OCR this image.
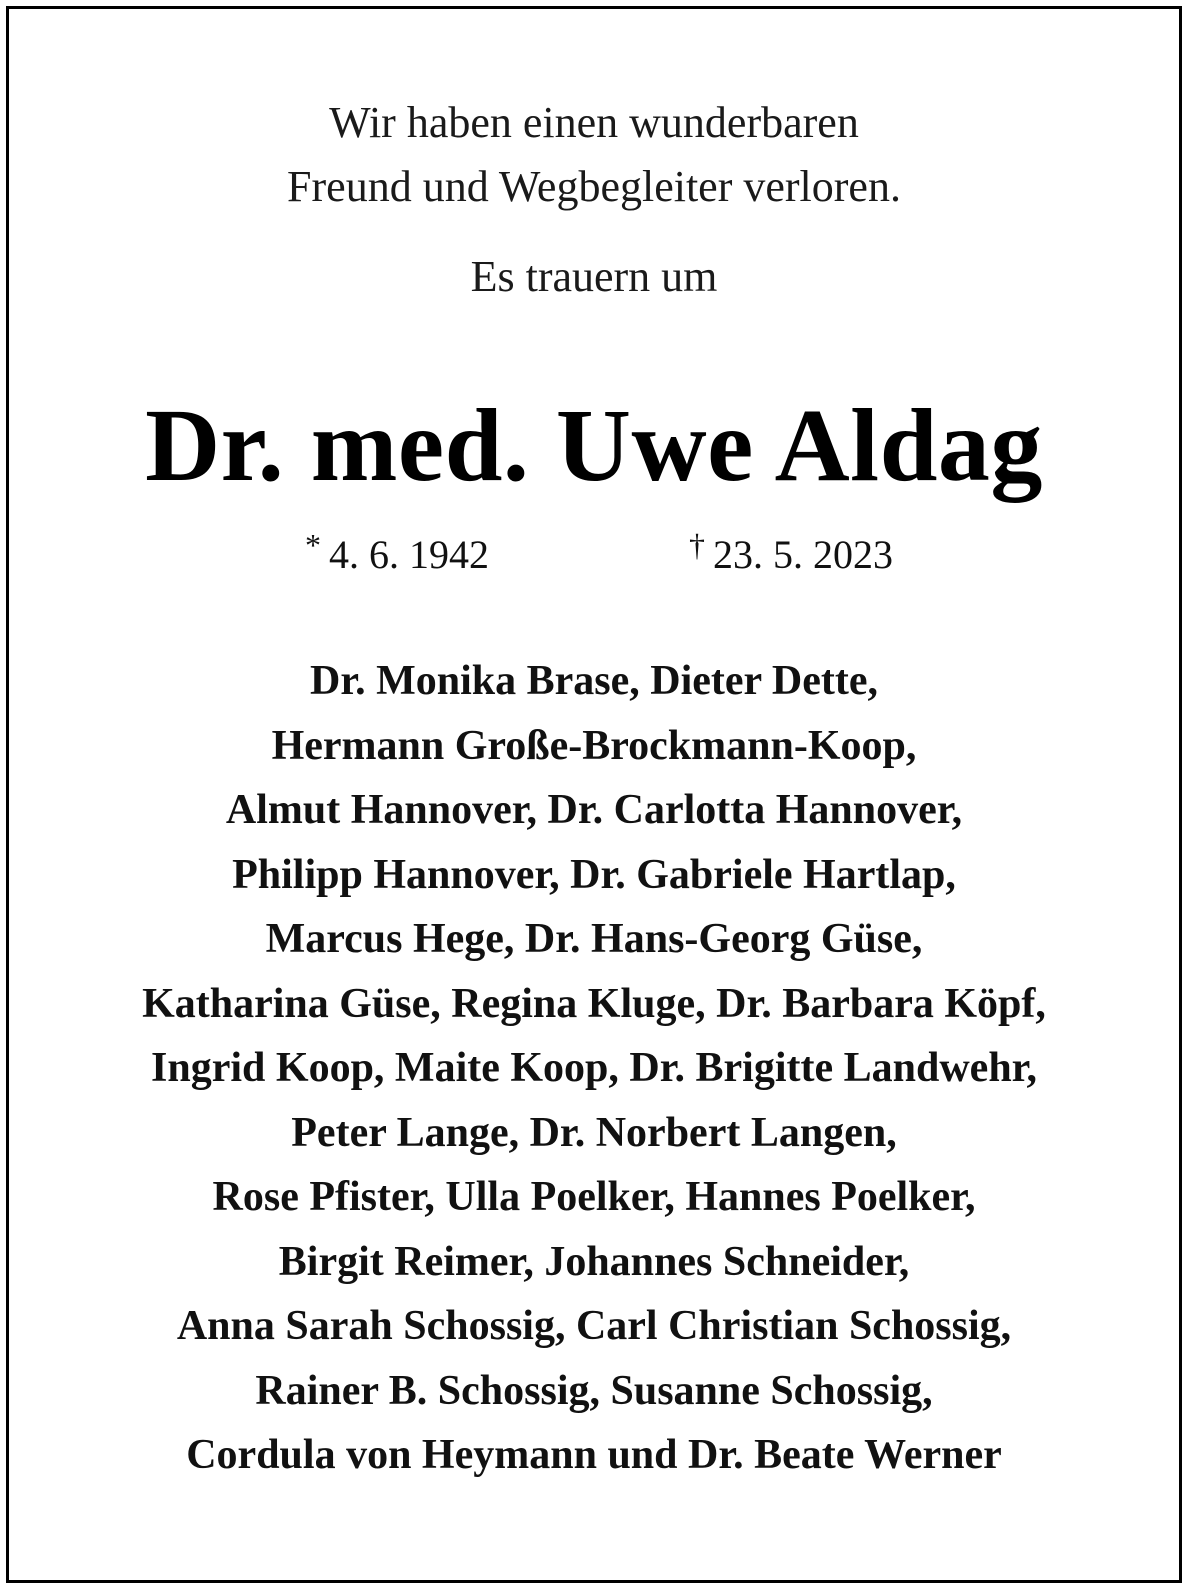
Wir haben einen wunderbaren
Freund und Wegbegleiter verloren.
Es trauern um
Dr. med. Uwe Aldag
* 4. 6. 1942	† 23. 5. 2023
Dr. Monika Brase, Dieter Dette,
Hermann Große-Brockmann-Koop,
Almut Hannover, Dr. Carlotta Hannover,
Philipp Hannover, Dr. Gabriele Hartlap,
Marcus Hege, Dr. Hans-Georg Güse,
Katharina Güse, Regina Kluge, Dr. Barbara Köpf,
Ingrid Koop, Maite Koop, Dr. Brigitte Landwehr,
Peter Lange, Dr. Norbert Langen,
Rose Pfister, Ulla Poelker, Hannes Poelker,
Birgit Reimer, Johannes Schneider,
Anna Sarah Schossig, Carl Christian Schossig,
Rainer B. Schossig, Susanne Schossig,
Cordula von Heymann und Dr. Beate Werner
